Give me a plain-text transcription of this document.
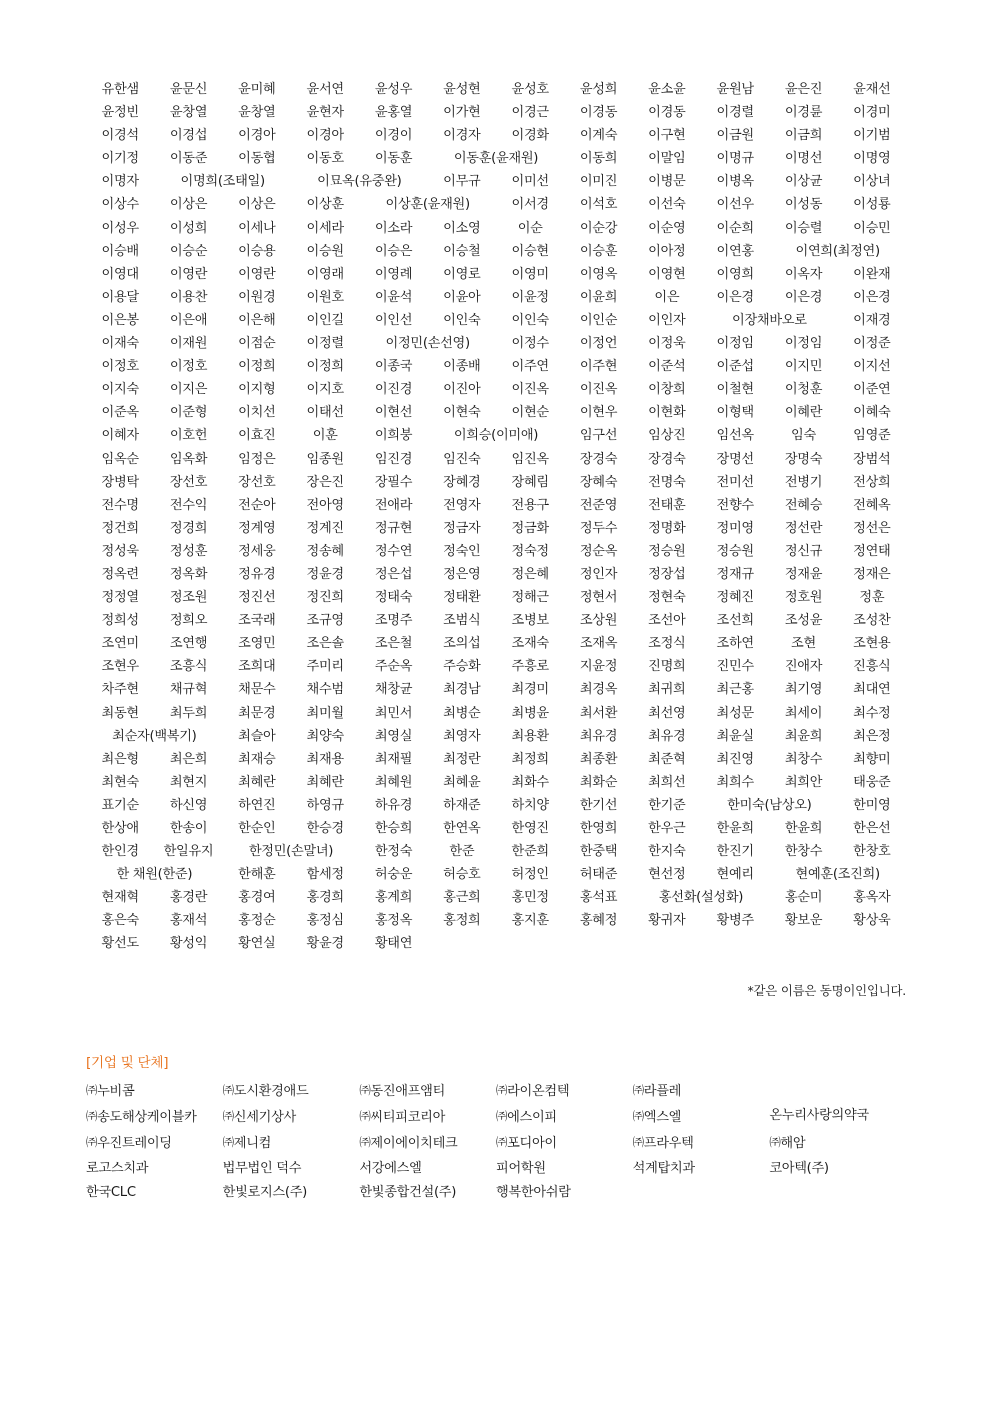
유한샘	윤문신	윤미혜	윤서연	윤성우	윤성현	윤성호	윤성희	윤소윤	윤원남	윤은진	윤재선
윤정빈	윤창열	윤창열	윤현자	윤홍열	이가현	이경근	이경동	이경동	이경렬	이경륜	이경미
이경석	이경섭	이경아	이경아	이경이	이경자	이경화	이계숙	이구현	이금원	이금희	이기범
이기정	이동준	이동협	이동호	이동훈	이동훈(윤재원)	이동희	이말임	이명규	이명선	이명영
이명자	이명희(조태일)	이묘옥(유중완)	이무규	이미선	이미진	이병문	이병옥	이상균	이상녀
이상수	이상은	이상은	이상훈	이상훈(윤재원)	이서경	이석호	이선숙	이선우	이성동	이성룡
이성우	이성희	이세나	이세라	이소라	이소영	이순	이순강	이순영	이순희	이승렬	이승민
이승배	이승순	이승용	이승원	이승은	이승철	이승현	이승훈	이아정	이연홍	이연희(최정연)
이영대	이영란	이영란	이영래	이영례	이영로	이영미	이영옥	이영현	이영희	이옥자	이완재
이용달	이용찬	이원경	이원호	이윤석	이윤아	이윤정	이윤희	이은	이은경	이은경	이은경
이은봉	이은애	이은해	이인길	이인선	이인숙	이인숙	이인순	이인자	이장채바오로	이재경
이재숙	이재원	이점순	이정렬	이정민(손선영)	이정수	이정언	이정욱	이정임	이정임	이정준
이정호	이정호	이정희	이정희	이종국	이종배	이주연	이주현	이준석	이준섭	이지민	이지선
이지숙	이지은	이지형	이지호	이진경	이진아	이진옥	이진옥	이창희	이철현	이청훈	이준연
이준옥	이준형	이치선	이태선	이현선	이현숙	이현순	이현우	이현화	이형택	이혜란	이혜숙
이혜자	이호헌	이효진	이훈	이희붕	이희승(이미애)	임구선	임상진	임선옥	임숙	임영준
임옥순	임옥화	임정은	임종원	임진경	임진숙	임진옥	장경숙	장경숙	장명선	장명숙	장범석
장병탁	장선호	장선호	장은진	장필수	장혜경	장혜림	장혜숙	전명숙	전미선	전병기	전상희
전수명	전수익	전순아	전아영	전애라	전영자	전용구	전준영	전태훈	전향수	전혜승	전혜옥
정건희	정경희	정계영	정계진	정규현	정금자	정금화	정두수	정명화	정미영	정선란	정선은
정성욱	정성훈	정세웅	정송혜	정수연	정숙인	정숙정	정순옥	정승원	정승원	정신규	정연태
정옥련	정옥화	정유경	정윤경	정은섭	정은영	정은혜	정인자	정장섭	정재규	정재윤	정재은
정정열	정조원	정진선	정진희	정태숙	정태환	정해근	정현서	정현숙	정혜진	정호원	정훈
정희성	정희오	조국래	조규영	조명주	조범식	조병보	조상원	조선아	조선희	조성윤	조성찬
조연미	조연행	조영민	조은솔	조은철	조의섭	조재숙	조재옥	조정식	조하연	조현	조현용
조현우	조흥식	조희대	주미리	주순옥	주승화	주흥로	지윤정	진명희	진민수	진애자	진흥식
차주현	채규혁	채문수	채수범	채창균	최경남	최경미	최경옥	최귀희	최근홍	최기영	최대연
최동현	최두희	최문경	최미월	최민서	최병순	최병윤	최서환	최선영	최성문	최세이	최수정
최순자(백복기)	최슬아	최양숙	최영실	최영자	최용환	최유경	최유경	최윤실	최윤희	최은정
최은형	최은희	최재승	최재용	최재필	최정란	최정희	최종환	최준혁	최진영	최창수	최향미
최현숙	최현지	최혜란	최혜란	최혜원	최혜윤	최화수	최화순	최희선	최희수	최희안	태웅준
표기순	하신영	하연진	하영규	하유경	하재준	하치양	한기선	한기준	한미숙(남상오)	한미영
한상애	한송이	한순인	한승경	한승희	한연옥	한영진	한영희	한우근	한윤희	한윤희	한은선
한인경	한일유지	한정민(손말녀)	한정숙	한준	한준희	한중택	한지숙	한진기	한창수	한창호
한 채원(한준)	한해훈	함세정	허숭운	허승호	허정인	허태준	현선정	현예리	현예훈(조진희)
현재혁	홍경란	홍경여	홍경희	홍계희	홍근희	홍민정	홍석표	홍선화(설성화)	홍순미	홍옥자
홍은숙	홍재석	홍정순	홍정심	홍정옥	홍정희	홍지훈	홍혜정	황귀자	황병주	황보운	황상욱
황선도	황성익	황연실	황윤경	황태연
*같은 이름은 동명이인입니다.
[기업 및 단체]
㈜누비콤	㈜도시환경애드	㈜동진애프앰티	㈜라이온컴텍	㈜라플레
㈜송도해상케이블카	㈜신세기상사	㈜씨티피코리아	㈜에스이피	㈜엑스엘	온누리사랑의약국
㈜우진트레이딩	㈜제니컴	㈜제이에이치테크	㈜포디아이	㈜프라우텍	㈜해암
로고스치과	법무법인 덕수	서강에스엘	피어학원	석계탑치과	코아텍(주)
한국CLC	한빛로지스(주)	한빛종합건설(주)	행복한아쉬람
